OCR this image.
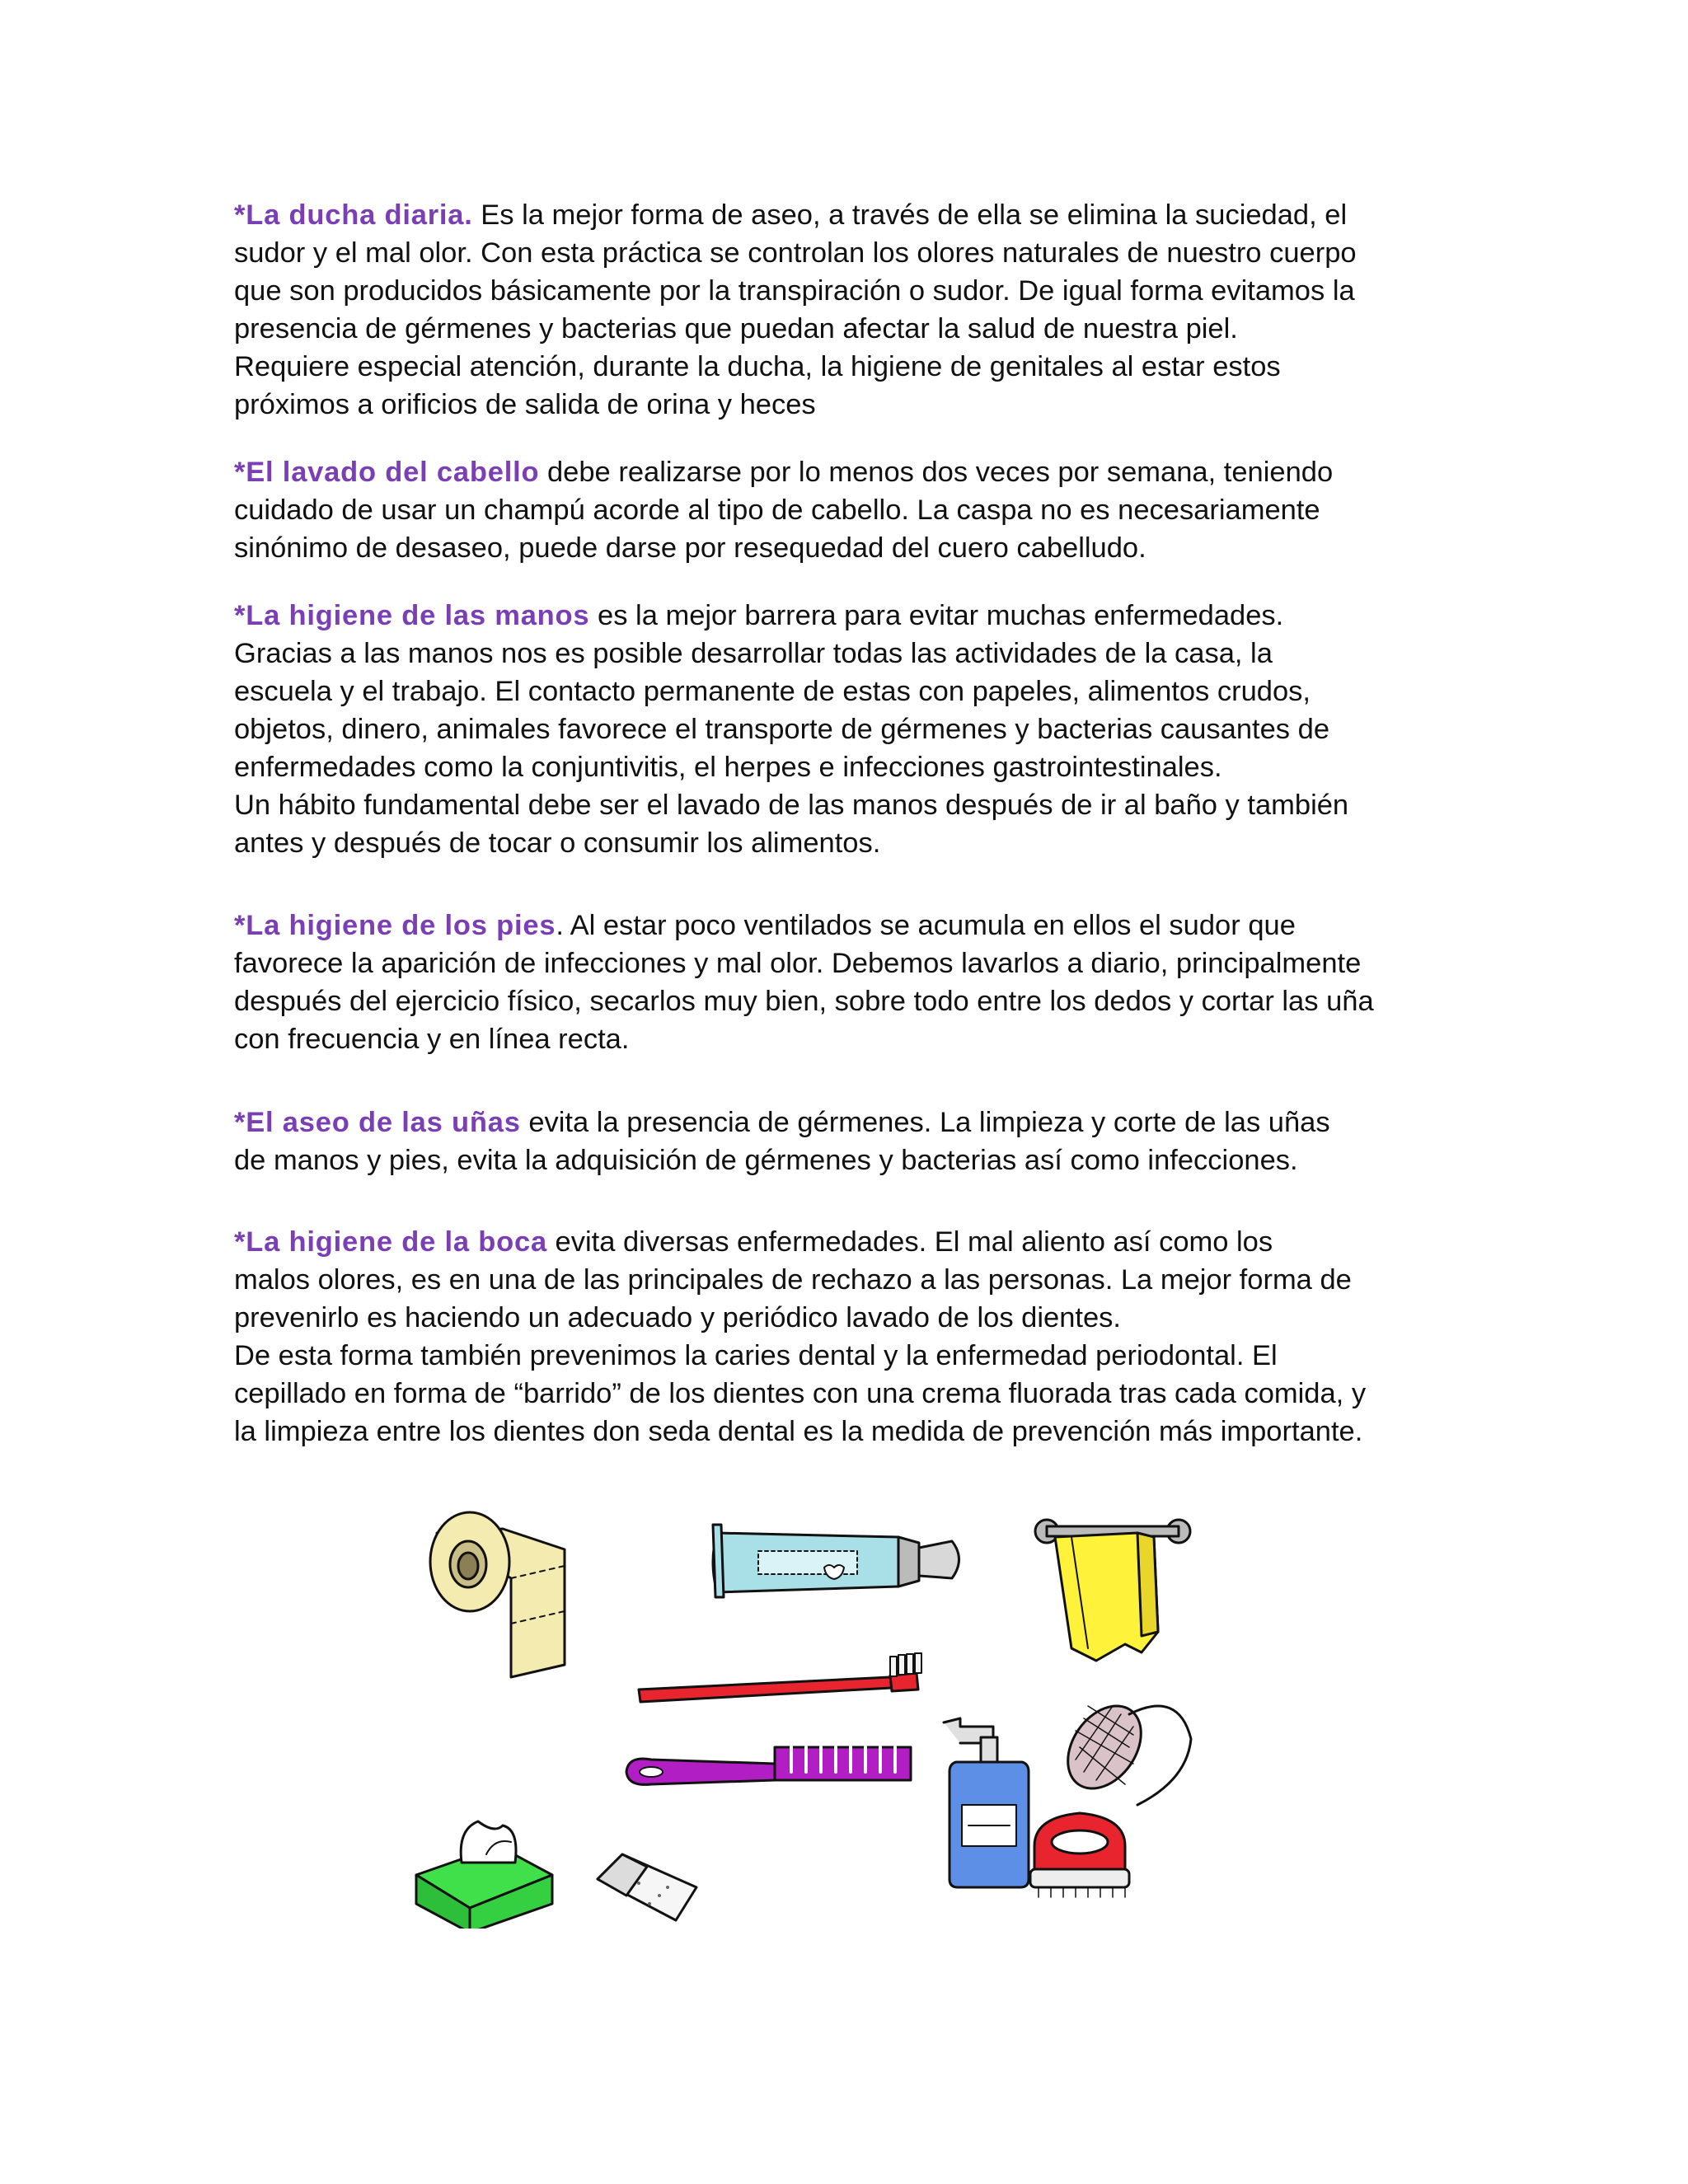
*La ducha diaria. Es la mejor forma de aseo, a través de ella se elimina la suciedad, el
sudor y el mal olor. Con esta práctica se controlan los olores naturales de nuestro cuerpo
que son producidos básicamente por la transpiración o sudor. De igual forma evitamos la
presencia de gérmenes y bacterias que puedan afectar la salud de nuestra piel.
Requiere especial atención, durante la ducha, la higiene de genitales al estar estos
próximos a orificios de salida de orina y heces

*El lavado del cabello debe realizarse por lo menos dos veces por semana, teniendo
cuidado de usar un champú acorde al tipo de cabello. La caspa no es necesariamente
sinónimo de desaseo, puede darse por resequedad del cuero cabelludo.

*La higiene de las manos es la mejor barrera para evitar muchas enfermedades.
Gracias a las manos nos es posible desarrollar todas las actividades de la casa, la
escuela y el trabajo. El contacto permanente de estas con papeles, alimentos crudos,
objetos, dinero, animales favorece el transporte de gérmenes y bacterias causantes de
enfermedades como la conjuntivitis, el herpes e infecciones gastrointestinales.
Un hábito fundamental debe ser el lavado de las manos después de ir al baño y también
antes y después de tocar o consumir los alimentos.

*La higiene de los pies. Al estar poco ventilados se acumula en ellos el sudor que
favorece la aparición de infecciones y mal olor. Debemos lavarlos a diario, principalmente
después del ejercicio físico, secarlos muy bien, sobre todo entre los dedos y cortar las uña
con frecuencia y en línea recta.

*El aseo de las uñas evita la presencia de gérmenes. La limpieza y corte de las uñas
de manos y pies, evita la adquisición de gérmenes y bacterias así como infecciones.

*La higiene de la boca evita diversas enfermedades. El mal aliento así como los
malos olores, es en una de las principales de rechazo a las personas. La mejor forma de
prevenirlo es haciendo un adecuado y periódico lavado de los dientes.
De esta forma también prevenimos la caries dental y la enfermedad periodontal. El
cepillado en forma de “barrido” de los dientes con una crema fluorada tras cada comida, y
la limpieza entre los dientes don seda dental es la medida de prevención más importante.
